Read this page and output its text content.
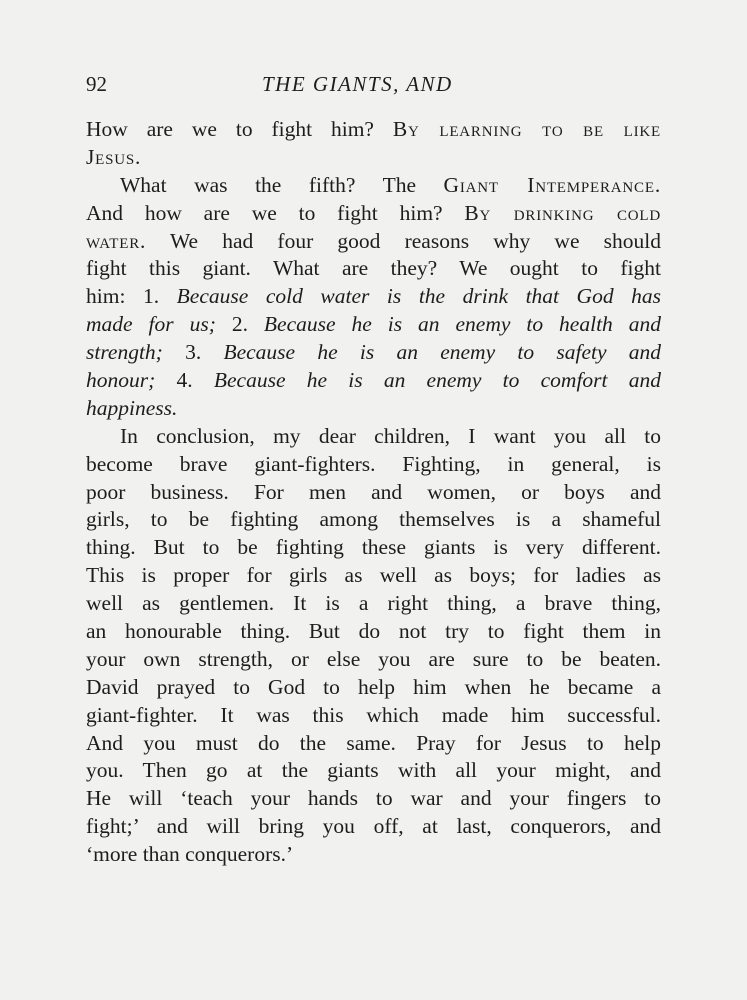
92	THE GIANTS, AND
How are we to fight him? By learning to be like
Jesus.
What was the fifth? The Giant Intemperance.
And how are we to fight him? By drinking cold
water. We had four good reasons why we should
fight this giant. What are they? We ought to fight
him: 1. Because cold water is the drink that God has
made for us; 2. Because he is an enemy to health and
strength; 3. Because he is an enemy to safety and
honour; 4. Because he is an enemy to comfort and
happiness.
In conclusion, my dear children, I want you all to
become brave giant-fighters. Fighting, in general, is
poor business. For men and women, or boys and
girls, to be fighting among themselves is a shameful
thing. But to be fighting these giants is very different.
This is proper for girls as well as boys; for ladies as
well as gentlemen. It is a right thing, a brave thing,
an honourable thing. But do not try to fight them in
your own strength, or else you are sure to be beaten.
David prayed to God to help him when he became a
giant-fighter. It was this which made him successful.
And you must do the same. Pray for Jesus to help
you. Then go at the giants with all your might, and
He will ‘teach your hands to war and your fingers to
fight;’ and will bring you off, at last, conquerors, and
‘more than conquerors.’
